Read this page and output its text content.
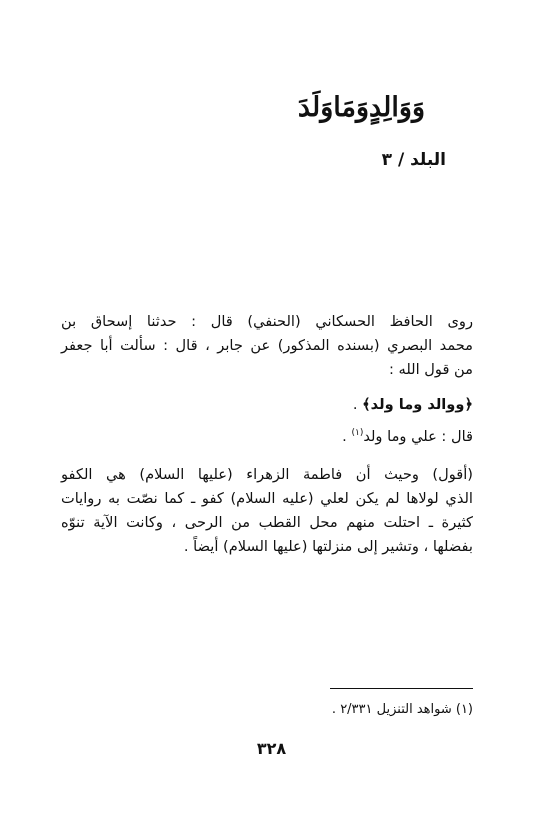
وَوَالِدٍوَمَاوَلَدَ
البلد / ٣
روى الحافظ الحسكاني (الحنفي) قال : حدثنا إسحاق بن
محمد البصري (بسنده المذكور) عن جابر ، قال : سألت أبا جعفر
من قول الله :
﴿ووالد وما ولد﴾ .
قال : علي وما ولد$^{(١)}$ .
(أقول) وحيث أن فاطمة الزهراء (عليها السلام) هي الكفو
الذي لولاها لم يكن لعلي (عليه السلام) كفو ـ كما نصّت به روايات
كثيرة ـ احتلت منهم محل القطب من الرحى ، وكانت الآية تنوّه
بفضلها ، وتشير إلى منزلتها (عليها السلام) أيضاً .
(١) شواهد التنزيل ٢/٣٣١ .
٣٢٨
